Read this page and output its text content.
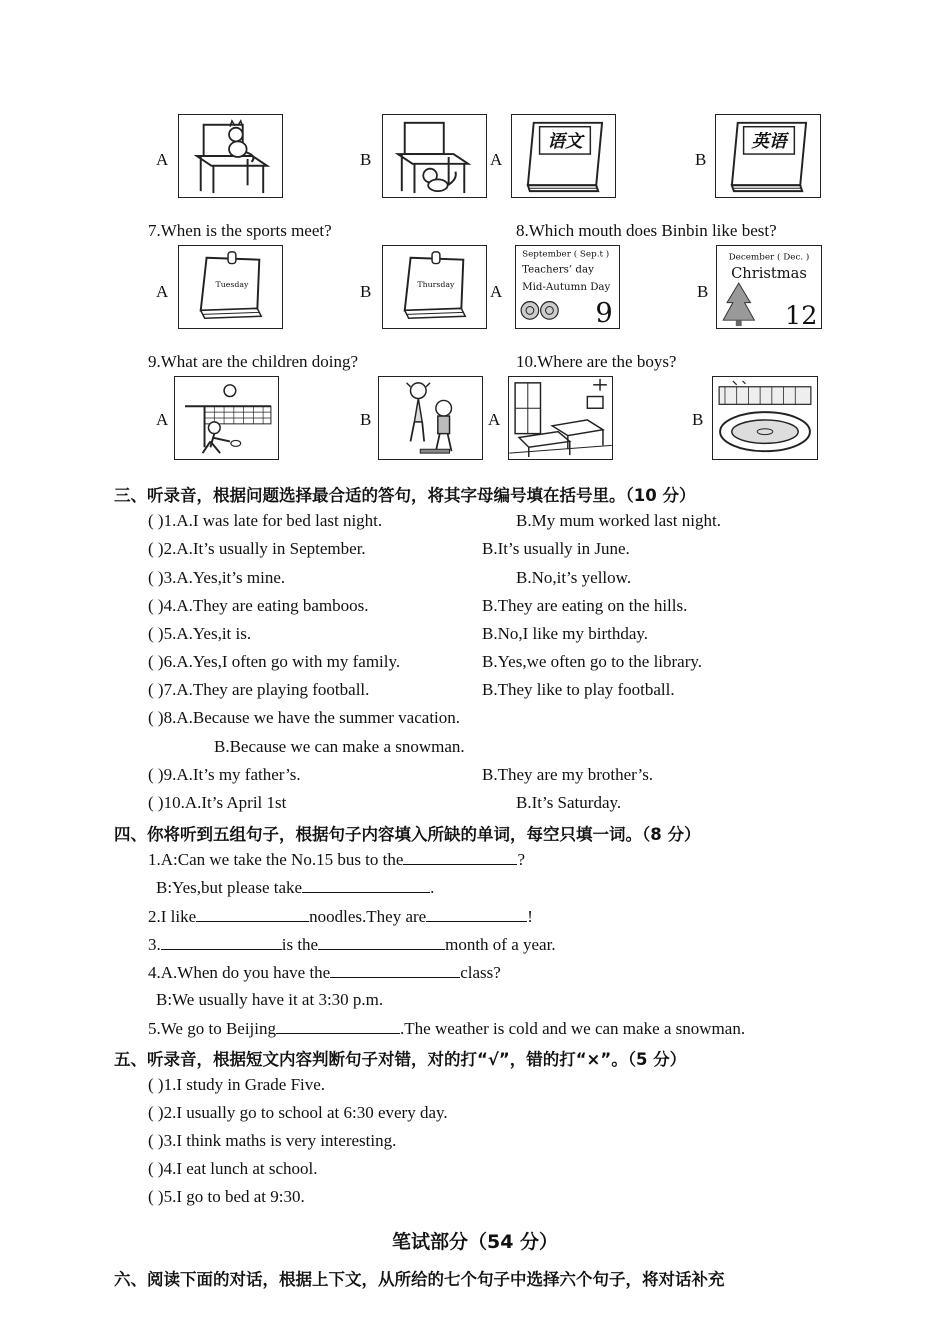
A	B	A
语文
B
英语
7.When is the sports meet?	8.Which mouth does Binbin like best?
A	Tuesday	B	Thursday A
September ( Sep.t )
Teachers’ day
Mid-Autumn Day
9
B
December ( Dec. )
Christmas
12
9.What are the children doing?	10.Where are the boys?
A	B	A	B
三、听录音，根据问题选择最合适的答句，将其字母编号填在括号里。（10 分）
( )1.A.I was late for bed last night.	B.My mum worked last night.
( )2.A.It’s usually in September.	B.It’s usually in June.
( )3.A.Yes,it’s mine.	B.No,it’s yellow.
( )4.A.They are eating bamboos.	B.They are eating on the hills.
( )5.A.Yes,it is.	B.No,I like my birthday.
( )6.A.Yes,I often go with my family.	B.Yes,we often go to the library.
( )7.A.They are playing football.	B.They like to play football.
( )8.A.Because we have the summer vacation.
B.Because we can make a snowman.
( )9.A.It’s my father’s.	B.They are my brother’s.
( )10.A.It’s April 1st	B.It’s Saturday.
四、你将听到五组句子，根据句子内容填入所缺的单词，每空只填一词。（8 分）
1.A:Can we take the No.15 bus to the	?
B:Yes,but please take	.
2.I like	noodles.They are	!
3.	is the	month of a year.
4.A.When do you have the	class?
B:We usually have it at 3:30 p.m.
5.We go to Beijing	.The weather is cold and we can make a snowman.
五、听录音，根据短文内容判断句子对错，对的打“√”，错的打“×”。（5 分）
( )1.I study in Grade Five.
( )2.I usually go to school at 6:30 every day.
( )3.I think maths is very interesting.
( )4.I eat lunch at school.
( )5.I go to bed at 9:30.
笔试部分（54 分）
六、阅读下面的对话，根据上下文，从所给的七个句子中选择六个句子，将对话补充
